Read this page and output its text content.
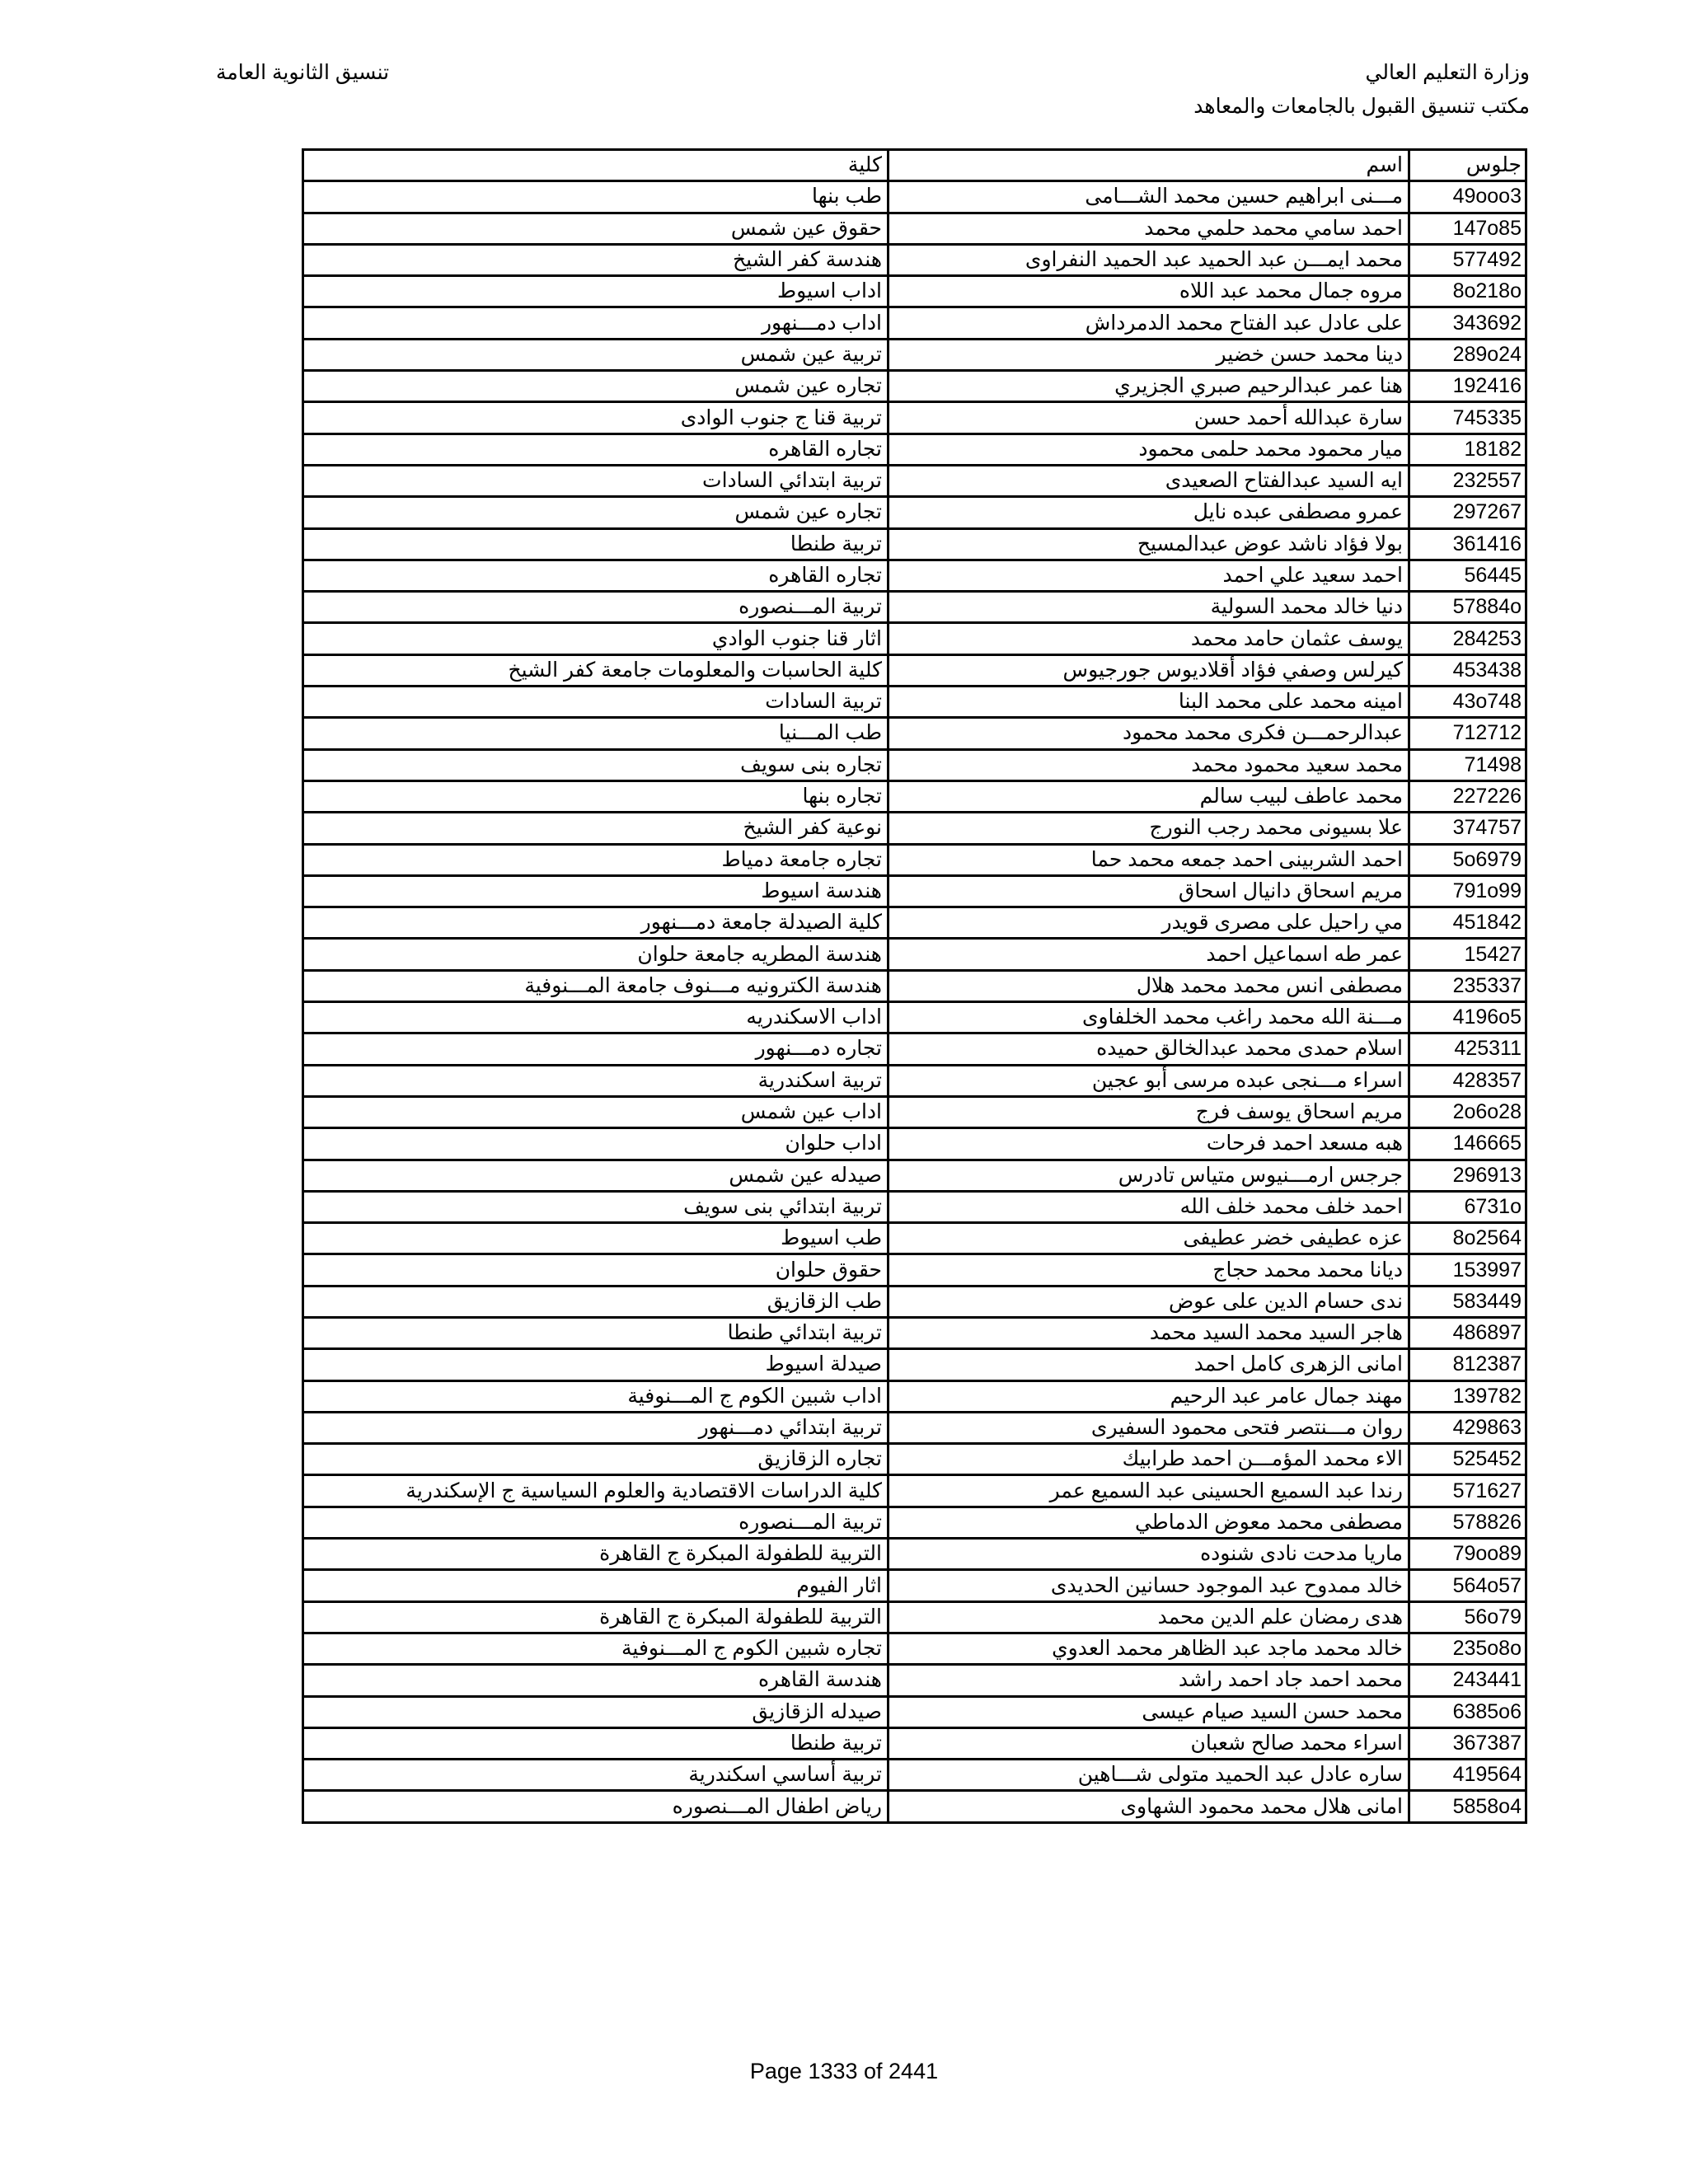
وزارة التعليم العالي
مكتب تنسيق القبول بالجامعات والمعاهد
تنسيق الثانوية العامة
جلوس	اسم	كلية
49ooo3	مـــنى ابراهيم حسين محمد الشـــامى	طب بنها
147o85	احمد سامي محمد حلمي محمد	حقوق عين شمس
577492	محمد ايمـــن عبد الحميد عبد الحميد النفراوى	هندسة كفر الشيخ
8o218o	مروه جمال محمد عبد اللاه	اداب اسيوط
343692	على عادل عبد الفتاح محمد الدمرداش	اداب دمـــنهور
289o24	دينا محمد حسن خضير	تربية عين شمس
192416	هنا عمر عبدالرحيم صبري الجزيري	تجاره عين شمس
745335	سارة عبدالله أحمد حسن	تربية قنا ج جنوب الوادى
18182	ميار محمود محمد حلمى محمود	تجاره القاهره
232557	ايه السيد عبدالفتاح الصعيدى	تربية ابتدائي السادات
297267	عمرو مصطفى عبده نايل	تجاره عين شمس
361416	بولا فؤاد ناشد عوض عبدالمسيح	تربية طنطا
56445	احمد سعيد علي احمد	تجاره القاهره
57884o	دنيا خالد محمد السولية	تربية المـــنصوره
284253	يوسف عثمان حامد محمد	اثار قنا جنوب الوادي
453438	كيرلس وصفي فؤاد أقلاديوس جورجيوس	كلية الحاسبات والمعلومات جامعة كفر الشيخ
43o748	امينه محمد على محمد البنا	تربية السادات
712712	عبدالرحمـــن فكرى محمد محمود	طب المـــنيا
71498	محمد سعيد محمود محمد	تجاره بنى سويف
227226	محمد عاطف لبيب سالم	تجاره بنها
374757	علا بسيونى محمد رجب النورج	نوعية كفر الشيخ
5o6979	احمد الشربينى احمد جمعه محمد حما	تجاره جامعة دمياط
791o99	مريم اسحاق دانيال اسحاق	هندسة اسيوط
451842	مي راحيل على مصرى قويدر	كلية الصيدلة جامعة دمـــنهور
15427	عمر طه اسماعيل احمد	هندسة المطريه جامعة حلوان
235337	مصطفى انس محمد محمد هلال	هندسة الكترونيه مـــنوف جامعة المـــنوفية
4196o5	مـــنة الله محمد راغب محمد الخلفاوى	اداب الاسكندريه
425311	اسلام حمدى محمد عبدالخالق حميده	تجاره دمـــنهور
428357	اسراء مـــنجى عبده مرسى أبو عجين	تربية اسكندرية
2o6o28	مريم اسحاق يوسف فرج	اداب عين شمس
146665	هبه مسعد احمد فرحات	اداب حلوان
296913	جرجس ارمـــنيوس متياس تادرس	صيدله عين شمس
6731o	احمد خلف محمد خلف الله	تربية ابتدائي بنى سويف
8o2564	عزه عطيفى خضر عطيفى	طب اسيوط
153997	ديانا محمد محمد حجاج	حقوق حلوان
583449	ندى حسام الدين على عوض	طب الزقازيق
486897	هاجر السيد محمد السيد محمد	تربية ابتدائي طنطا
812387	امانى الزهرى كامل احمد	صيدلة اسيوط
139782	مهند جمال عامر عبد الرحيم	اداب شبين الكوم ج المـــنوفية
429863	روان مـــنتصر فتحى محمود السفيرى	تربية ابتدائي دمـــنهور
525452	الاء محمد المؤمـــن احمد طرابيك	تجاره الزقازيق
571627	رندا عبد السميع الحسينى عبد السميع عمر	كلية الدراسات الاقتصادية والعلوم السياسية ج الإسكندرية
578826	مصطفى محمد معوض الدماطي	تربية المـــنصوره
79oo89	ماريا مدحت نادى شنوده	التربية للطفولة المبكرة ج القاهرة
564o57	خالد ممدوح عبد الموجود حسانين الحديدى	اثار الفيوم
56o79	هدى رمضان علم الدين محمد	التربية للطفولة المبكرة ج القاهرة
235o8o	خالد محمد ماجد عبد الظاهر محمد العدوي	تجاره شبين الكوم ج المـــنوفية
243441	محمد احمد جاد احمد راشد	هندسة القاهره
6385o6	محمد حسن السيد صيام عيسى	صيدله الزقازيق
367387	اسراء محمد صالح شعبان	تربية طنطا
419564	ساره عادل عبد الحميد متولى شـــاهين	تربية أساسي اسكندرية
5858o4	امانى هلال محمد محمود الشهاوى	رياض اطفال المـــنصوره
Page 1333 of 2441
